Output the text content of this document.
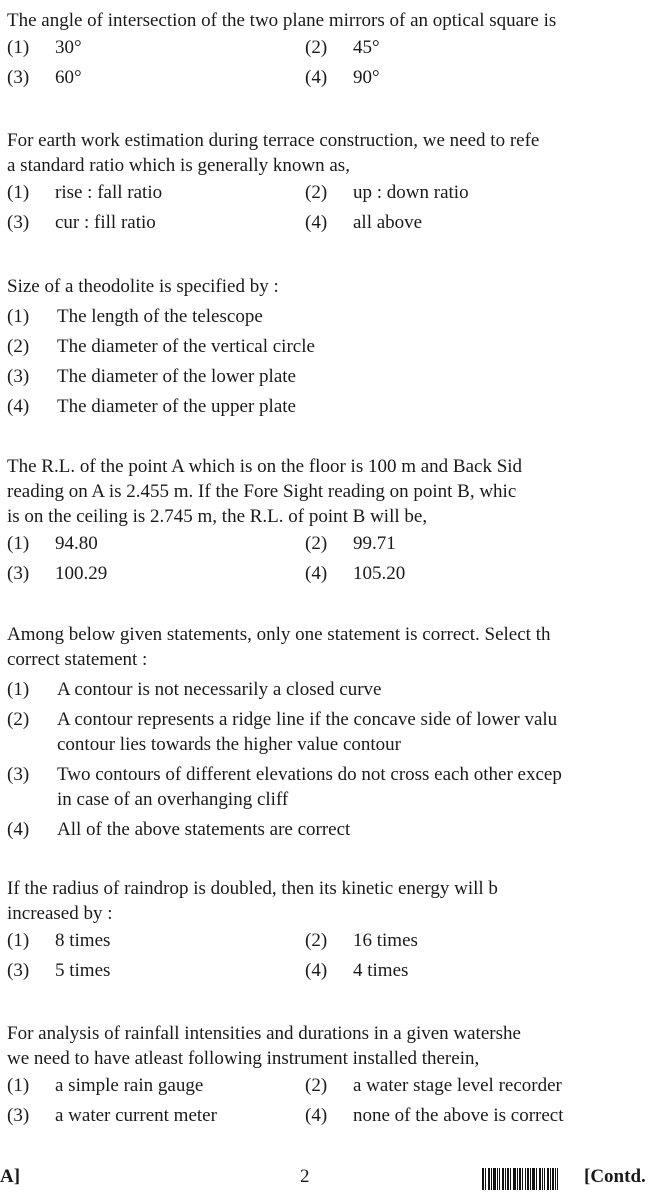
The angle of intersection of the two plane mirrors of an optical square is
(1) 30°	(2) 45°
(3) 60°	(4) 90°
For earth work estimation during terrace construction, we need to refe
a standard ratio which is generally known as,
(1) rise : fall ratio	(2) up : down ratio
(3) cur : fill ratio	(4) all above
Size of a theodolite is specified by :
(1) The length of the telescope
(2) The diameter of the vertical circle
(3) The diameter of the lower plate
(4) The diameter of the upper plate
The R.L. of the point A which is on the floor is 100 m and Back Sid
reading on A is 2.455 m. If the Fore Sight reading on point B, whic
is on the ceiling is 2.745 m, the R.L. of point B will be,
(1) 94.80	(2) 99.71
(3) 100.29	(4) 105.20
Among below given statements, only one statement is correct. Select th
correct statement :
(1) A contour is not necessarily a closed curve
(2) A contour represents a ridge line if the concave side of lower valu
contour lies towards the higher value contour
(3) Two contours of different elevations do not cross each other excep
in case of an overhanging cliff
(4) All of the above statements are correct
If the radius of raindrop is doubled, then its kinetic energy will b
increased by :
(1) 8 times	(2) 16 times
(3) 5 times	(4) 4 times
For analysis of rainfall intensities and durations in a given watershe
we need to have atleast following instrument installed therein,
(1) a simple rain gauge	(2) a water stage level recorder
(3) a water current meter	(4) none of the above is correct
A]	2	[Contd.
